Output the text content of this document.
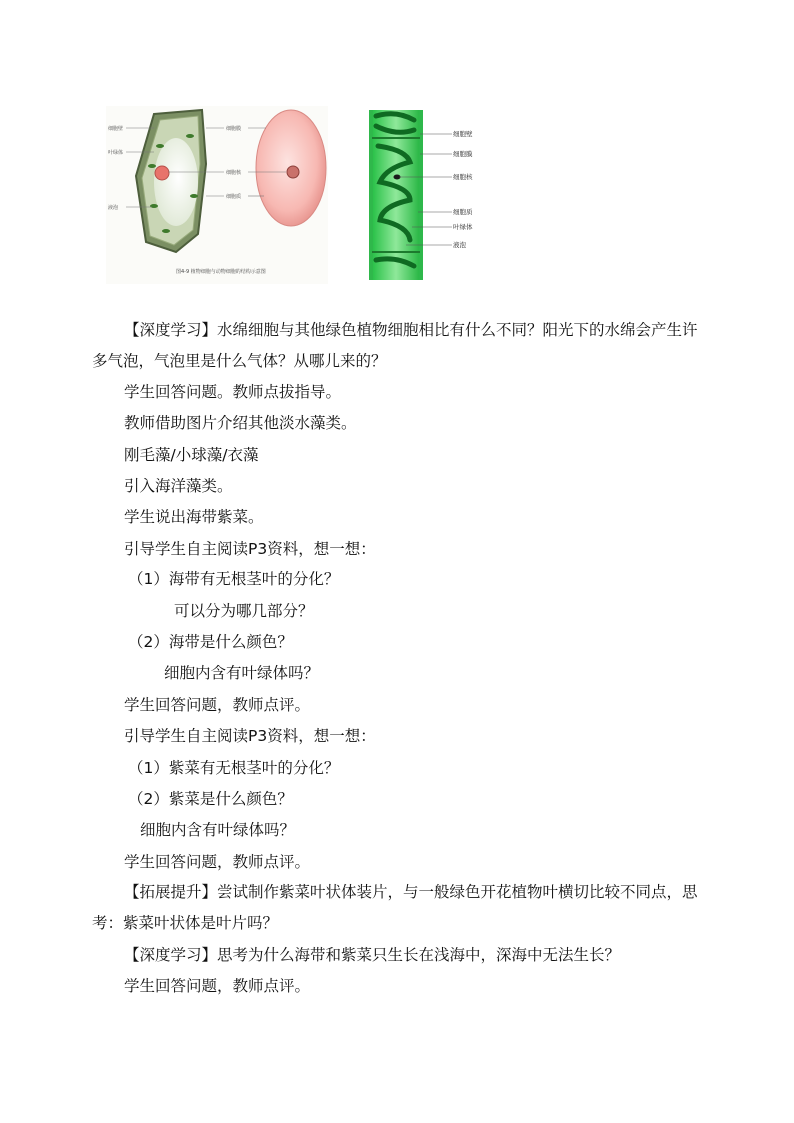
细胞壁
叶绿体
液泡
细胞膜
细胞核
细胞质
图4-9 植物细胞与动物细胞的结构示意图
细胞壁
细胞膜
细胞核
细胞质
叶绿体
液泡
【深度学习】水绵细胞与其他绿色植物细胞相比有什么不同？阳光下的水绵会产生许
多气泡，气泡里是什么气体？从哪儿来的？
学生回答问题。教师点拔指导。
教师借助图片介绍其他淡水藻类。
刚毛藻/小球藻/衣藻
引入海洋藻类。
学生说出海带紫菜。
引导学生自主阅读P3资料，想一想：
（1）海带有无根茎叶的分化？
可以分为哪几部分？
（2）海带是什么颜色？
细胞内含有叶绿体吗？
学生回答问题，教师点评。
引导学生自主阅读P3资料，想一想：
（1）紫菜有无根茎叶的分化？
（2）紫菜是什么颜色？
细胞内含有叶绿体吗？
学生回答问题，教师点评。
【拓展提升】尝试制作紫菜叶状体装片，与一般绿色开花植物叶横切比较不同点，思
考：紫菜叶状体是叶片吗？
【深度学习】思考为什么海带和紫菜只生长在浅海中，深海中无法生长？
学生回答问题，教师点评。
